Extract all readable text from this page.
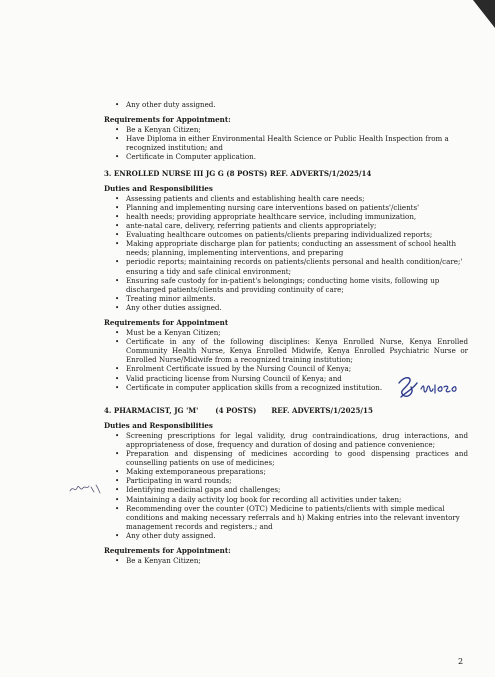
• Any other duty assigned.

Requirements for Appointment:

• Be a Kenyan Citizen;
• Have Diploma in either Environmental Health Science or Public Health Inspection from a recognized institution; and
• Certificate in Computer application.

3. ENROLLED NURSE III JG G (8 POSTS) REF. ADVERTS/1/2025/14

Duties and Responsibilities

• Assessing patients and clients and establishing health care needs;
• Planning and implementing nursing care interventions based on patients'/clients'
• health needs; providing appropriate healthcare service, including immunization,
• ante-natal care, delivery, referring patients and clients appropriately;
• Evaluating healthcare outcomes on patients/clients preparing individualized reports;
• Making appropriate discharge plan for patients; conducting an assessment of school health needs; planning, implementing interventions, and preparing
• periodic reports; maintaining records on patients/clients personal and health condition/care;' ensuring a tidy and safe clinical environment;
• Ensuring safe custody for in-patient's belongings; conducting home visits, following up discharged patients/clients and providing continuity of care;
• Treating minor ailments.
• Any other duties assigned.

Requirements for Appointment

• Must be a Kenyan Citizen;
• Certificate in any of the following disciplines: Kenya Enrolled Nurse, Kenya Enrolled Community Health Nurse, Kenya Enrolled Midwife, Kenya Enrolled Psychiatric Nurse or Enrolled Nurse/Midwife from a recognized training institution;
• Enrolment Certificate issued by the Nursing Council of Kenya;
• Valid practicing license from Nursing Council of Kenya; and
• Certificate in computer application skills from a recognized institution.

4. PHARMACIST, JG 'M' (4 POSTS) REF. ADVERTS/1/2025/15

Duties and Responsibilities

• Screening prescriptions for legal validity, drug contraindications, drug interactions, and appropriateness of dose, frequency and duration of dosing and patience convenience;
• Preparation and dispensing of medicines according to good dispensing practices and counselling patients on use of medicines;
• Making extemporaneous preparations;
• Participating in ward rounds;
• Identifying medicinal gaps and challenges;
• Maintaining a daily activity log book for recording all activities under taken;
• Recommending over the counter (OTC) Medicine to patients/clients with simple medical conditions and making necessary referrals and h) Making entries into the relevant inventory management records and registers.; and
• Any other duty assigned.

Requirements for Appointment:

• Be a Kenyan Citizen;
2
